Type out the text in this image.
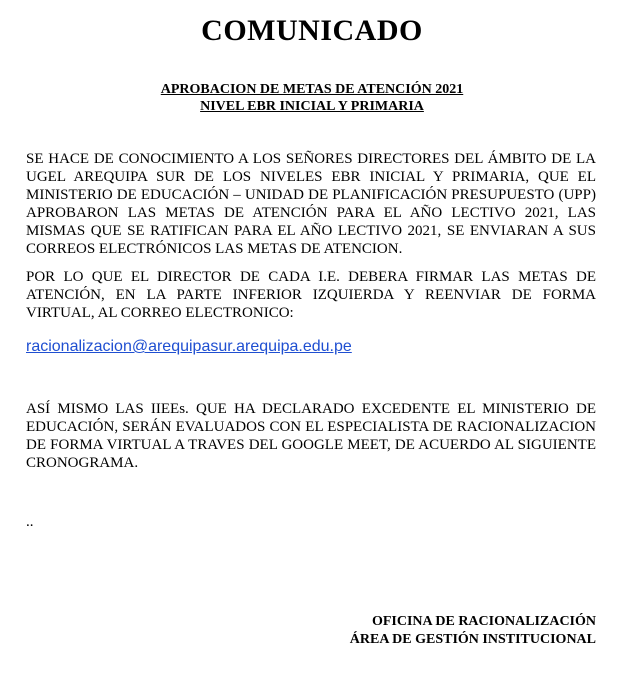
COMUNICADO
APROBACION DE METAS DE ATENCIÓN 2021
NIVEL EBR INICIAL Y PRIMARIA
SE HACE DE CONOCIMIENTO A LOS SEÑORES DIRECTORES DEL ÁMBITO DE LA UGEL AREQUIPA SUR DE LOS NIVELES EBR INICIAL Y PRIMARIA, QUE EL MINISTERIO DE EDUCACIÓN – UNIDAD DE PLANIFICACIÓN PRESUPUESTO (UPP) APROBARON LAS METAS DE ATENCIÓN PARA EL AÑO LECTIVO 2021, LAS MISMAS QUE SE RATIFICAN PARA EL AÑO LECTIVO 2021, SE ENVIARAN A SUS CORREOS ELECTRÓNICOS LAS METAS DE ATENCION.
POR LO QUE EL DIRECTOR DE CADA I.E. DEBERA FIRMAR LAS METAS DE ATENCIÓN, EN LA PARTE INFERIOR IZQUIERDA Y REENVIAR DE FORMA VIRTUAL, AL CORREO ELECTRONICO:
racionalizacion@arequipasur.arequipa.edu.pe
ASÍ MISMO LAS IIEEs. QUE HA DECLARADO EXCEDENTE EL MINISTERIO DE EDUCACIÓN, SERÁN EVALUADOS CON EL ESPECIALISTA DE RACIONALIZACION DE FORMA VIRTUAL A TRAVES DEL GOOGLE MEET, DE ACUERDO AL SIGUIENTE CRONOGRAMA.
..
OFICINA DE RACIONALIZACIÓN
ÁREA DE GESTIÓN INSTITUCIONAL
